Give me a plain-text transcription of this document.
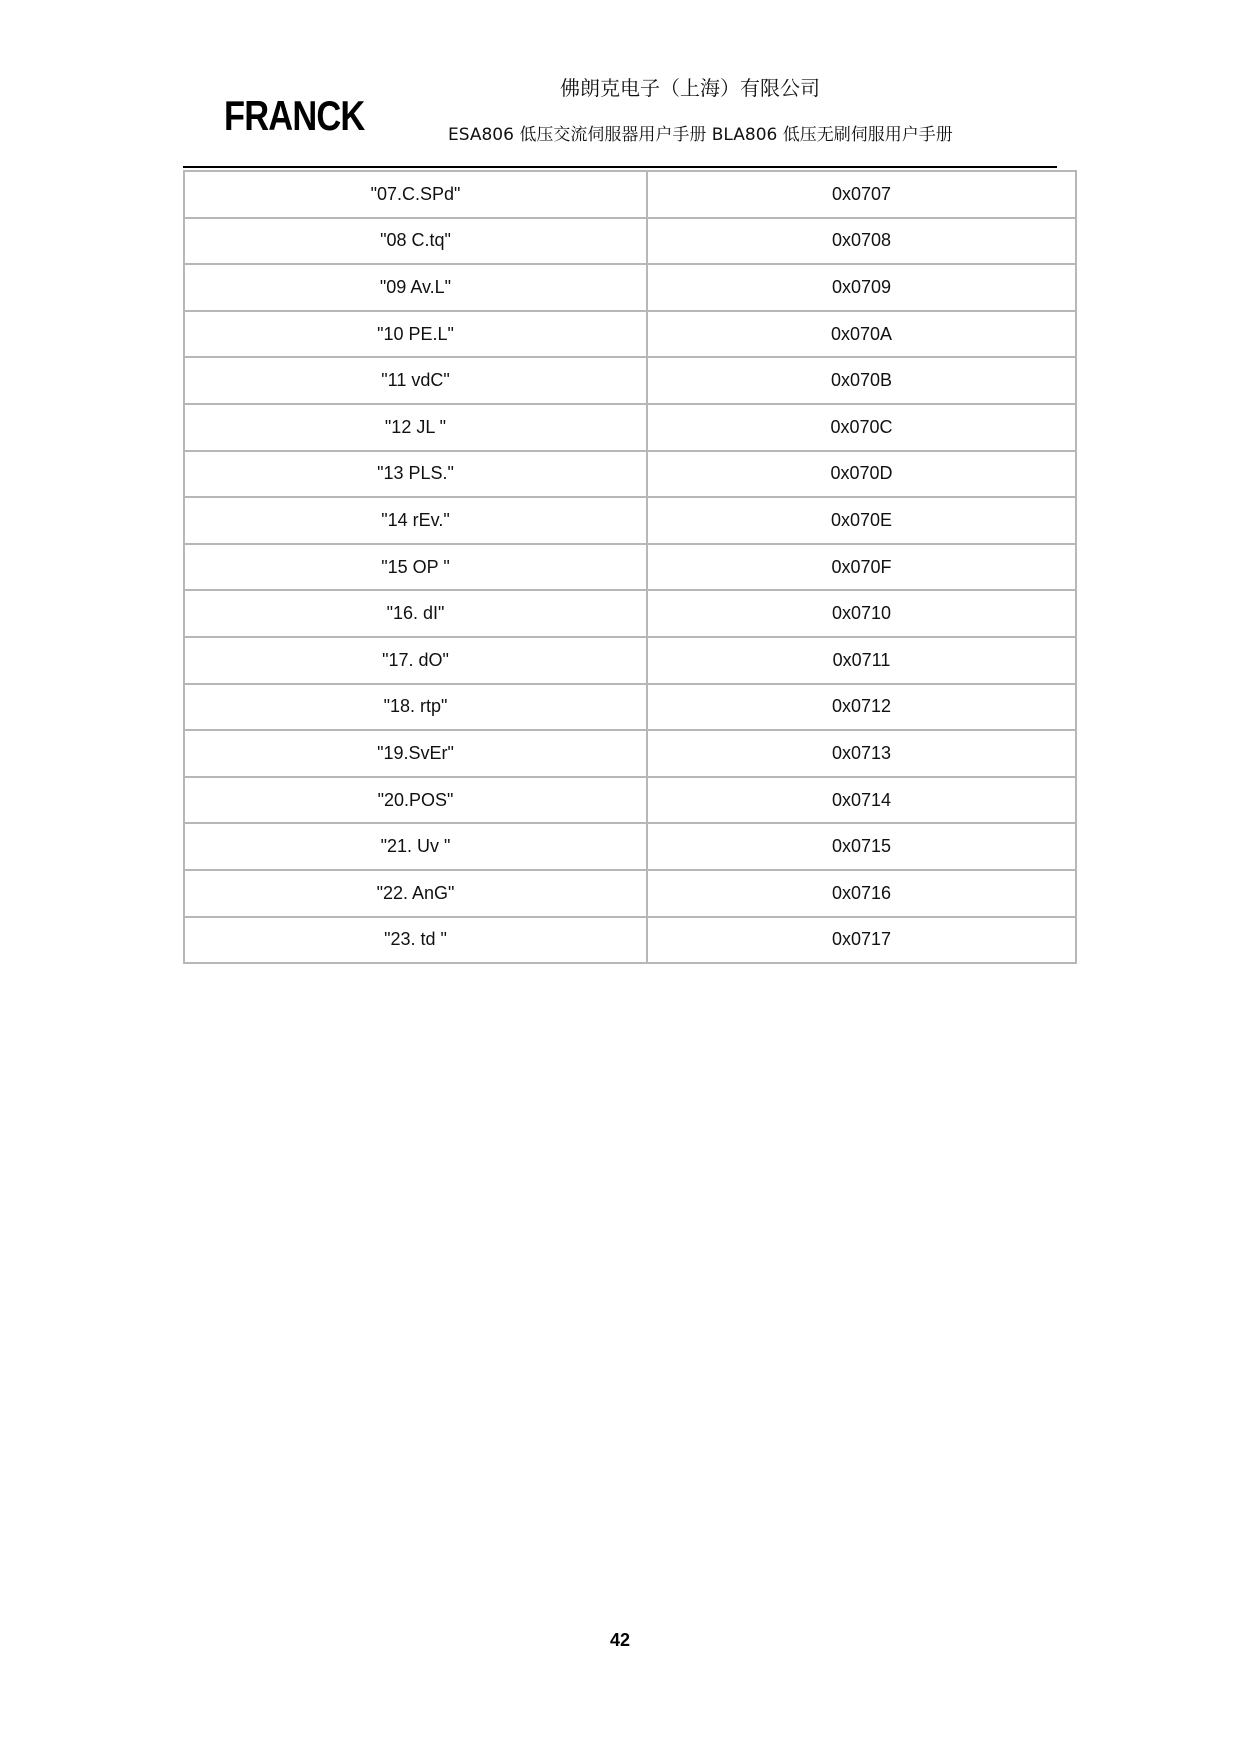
FRANCK
佛朗克电子（上海）有限公司
ESA806 低压交流伺服器用户手册 BLA806 低压无刷伺服用户手册
"07.C.SPd"	0x0707
"08 C.tq"	0x0708
"09 Av.L"	0x0709
"10 PE.L"	0x070A
"11 vdC"	0x070B
"12 JL "	0x070C
"13 PLS."	0x070D
"14 rEv."	0x070E
"15 OP "	0x070F
"16. dI"	0x0710
"17. dO"	0x0711
"18. rtp"	0x0712
"19.SvEr"	0x0713
"20.POS"	0x0714
"21. Uv "	0x0715
"22. AnG"	0x0716
"23. td "	0x0717
42
